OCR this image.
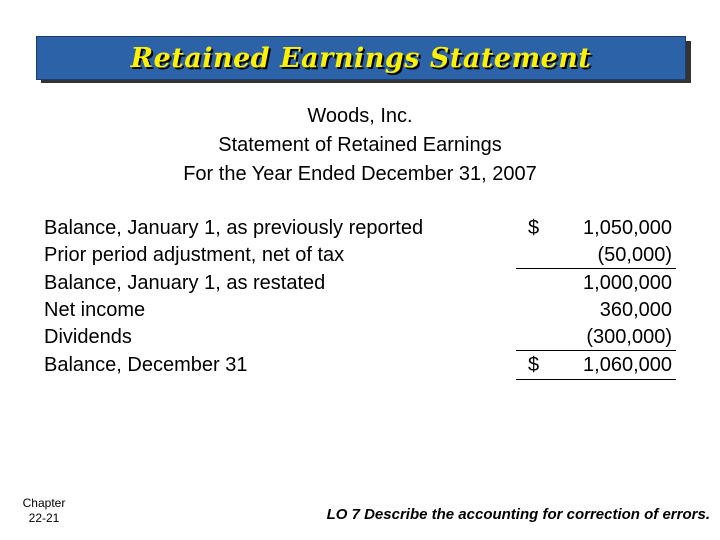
Retained Earnings Statement
Woods, Inc.
Statement of Retained Earnings
For the Year Ended December 31, 2007
Balance, January 1, as previously reported	$ 1,050,000
Prior period adjustment, net of tax	(50,000)
Balance, January 1, as restated	1,000,000
Net income	360,000
Dividends	(300,000)
Balance, December 31	$ 1,060,000
Chapter
22-21	LO 7 Describe the accounting for correction of errors.
